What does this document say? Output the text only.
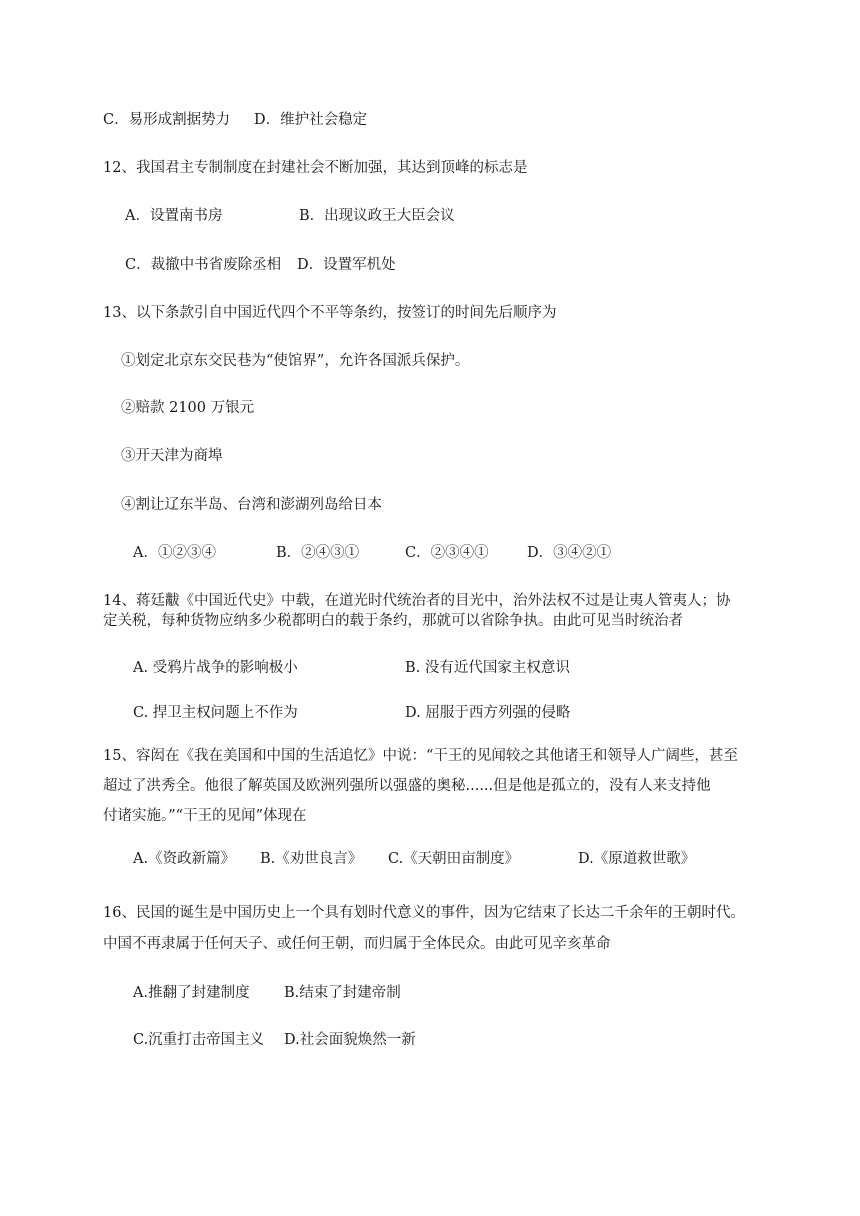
C．易形成割据势力 D．维护社会稳定
12、我国君主专制制度在封建社会不断加强，其达到顶峰的标志是
A．设置南书房	B．出现议政王大臣会议
C．裁撤中书省废除丞相 D．设置军机处
13、以下条款引自中国近代四个不平等条约，按签订的时间先后顺序为
①划定北京东交民巷为“使馆界”，允许各国派兵保护。
②赔款 2100 万银元
③开天津为商埠
④割让辽东半岛、台湾和澎湖列岛给日本
A．①②③④	B．②④③①	C．②③④①	D．③④②①
14、蒋廷黻《中国近代史》中载，在道光时代统治者的目光中，治外法权不过是让夷人管夷人；协
定关税，每种货物应纳多少税都明白的载于条约，那就可以省除争执。由此可见当时统治者
A. 受鸦片战争的影响极小	B. 没有近代国家主权意识
C. 捍卫主权问题上不作为	D. 屈服于西方列强的侵略
15、容闳在《我在美国和中国的生活追忆》中说：“干王的见闻较之其他诸王和领导人广阔些，甚至
超过了洪秀全。他很了解英国及欧洲列强所以强盛的奥秘......但是他是孤立的，没有人来支持他
付诸实施。”“干王的见闻”体现在
A.《资政新篇》 B.《劝世良言》 C.《天朝田亩制度》	D.《原道救世歌》
16、民国的诞生是中国历史上一个具有划时代意义的事件，因为它结束了长达二千余年的王朝时代。
中国不再隶属于任何天子、或任何王朝，而归属于全体民众。由此可见辛亥革命
A.推翻了封建制度 B.结束了封建帝制
C.沉重打击帝国主义 D.社会面貌焕然一新
